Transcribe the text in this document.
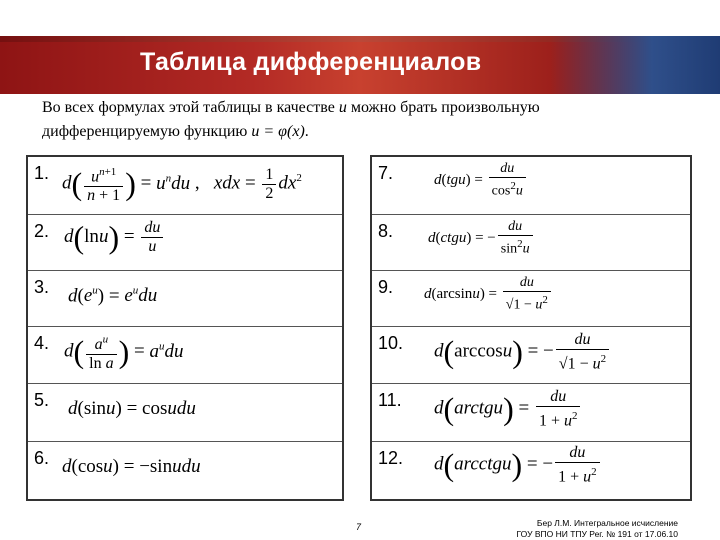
Таблица дифференциалов
Во всех формулах этой таблицы в качестве u можно брать произвольную
дифференцируемую функцию u = φ(x).
1. $d( \frac{u^{n+1}}{n + 1}$ ) = $u^ndu$ ,   xdx = $\frac{1}{2} dx^2$
2. $d(\ln u) = \frac{du}{u}$
3. $d(e^u) = e^udu$
4. $d( \frac{a^u}{\text{ln a}}$ ) = $a^udu$
5. d(sinu) = cosudu
6. d(cosu) = −sinudu
7.	$d(tgu) = \frac{du}{\cos^2u}$
8. d(ctgu) = − $\frac{du}{\sin^2u}$
9. $d(\arcsin u) = \frac{du}{√1 - u^2}$
10. d(arccosu) = − $\frac{du}{√1 - u^2}$
11. d(arctgu) = $\frac{du}{1 + u^2}$
12. d(arcctgu) = − $\frac{du}{1 + u^2}$
7	Бер Л.М. Интегральное исчисление
ГОУ ВПО НИ ТПУ Рег. № 191 от 17.06.10
